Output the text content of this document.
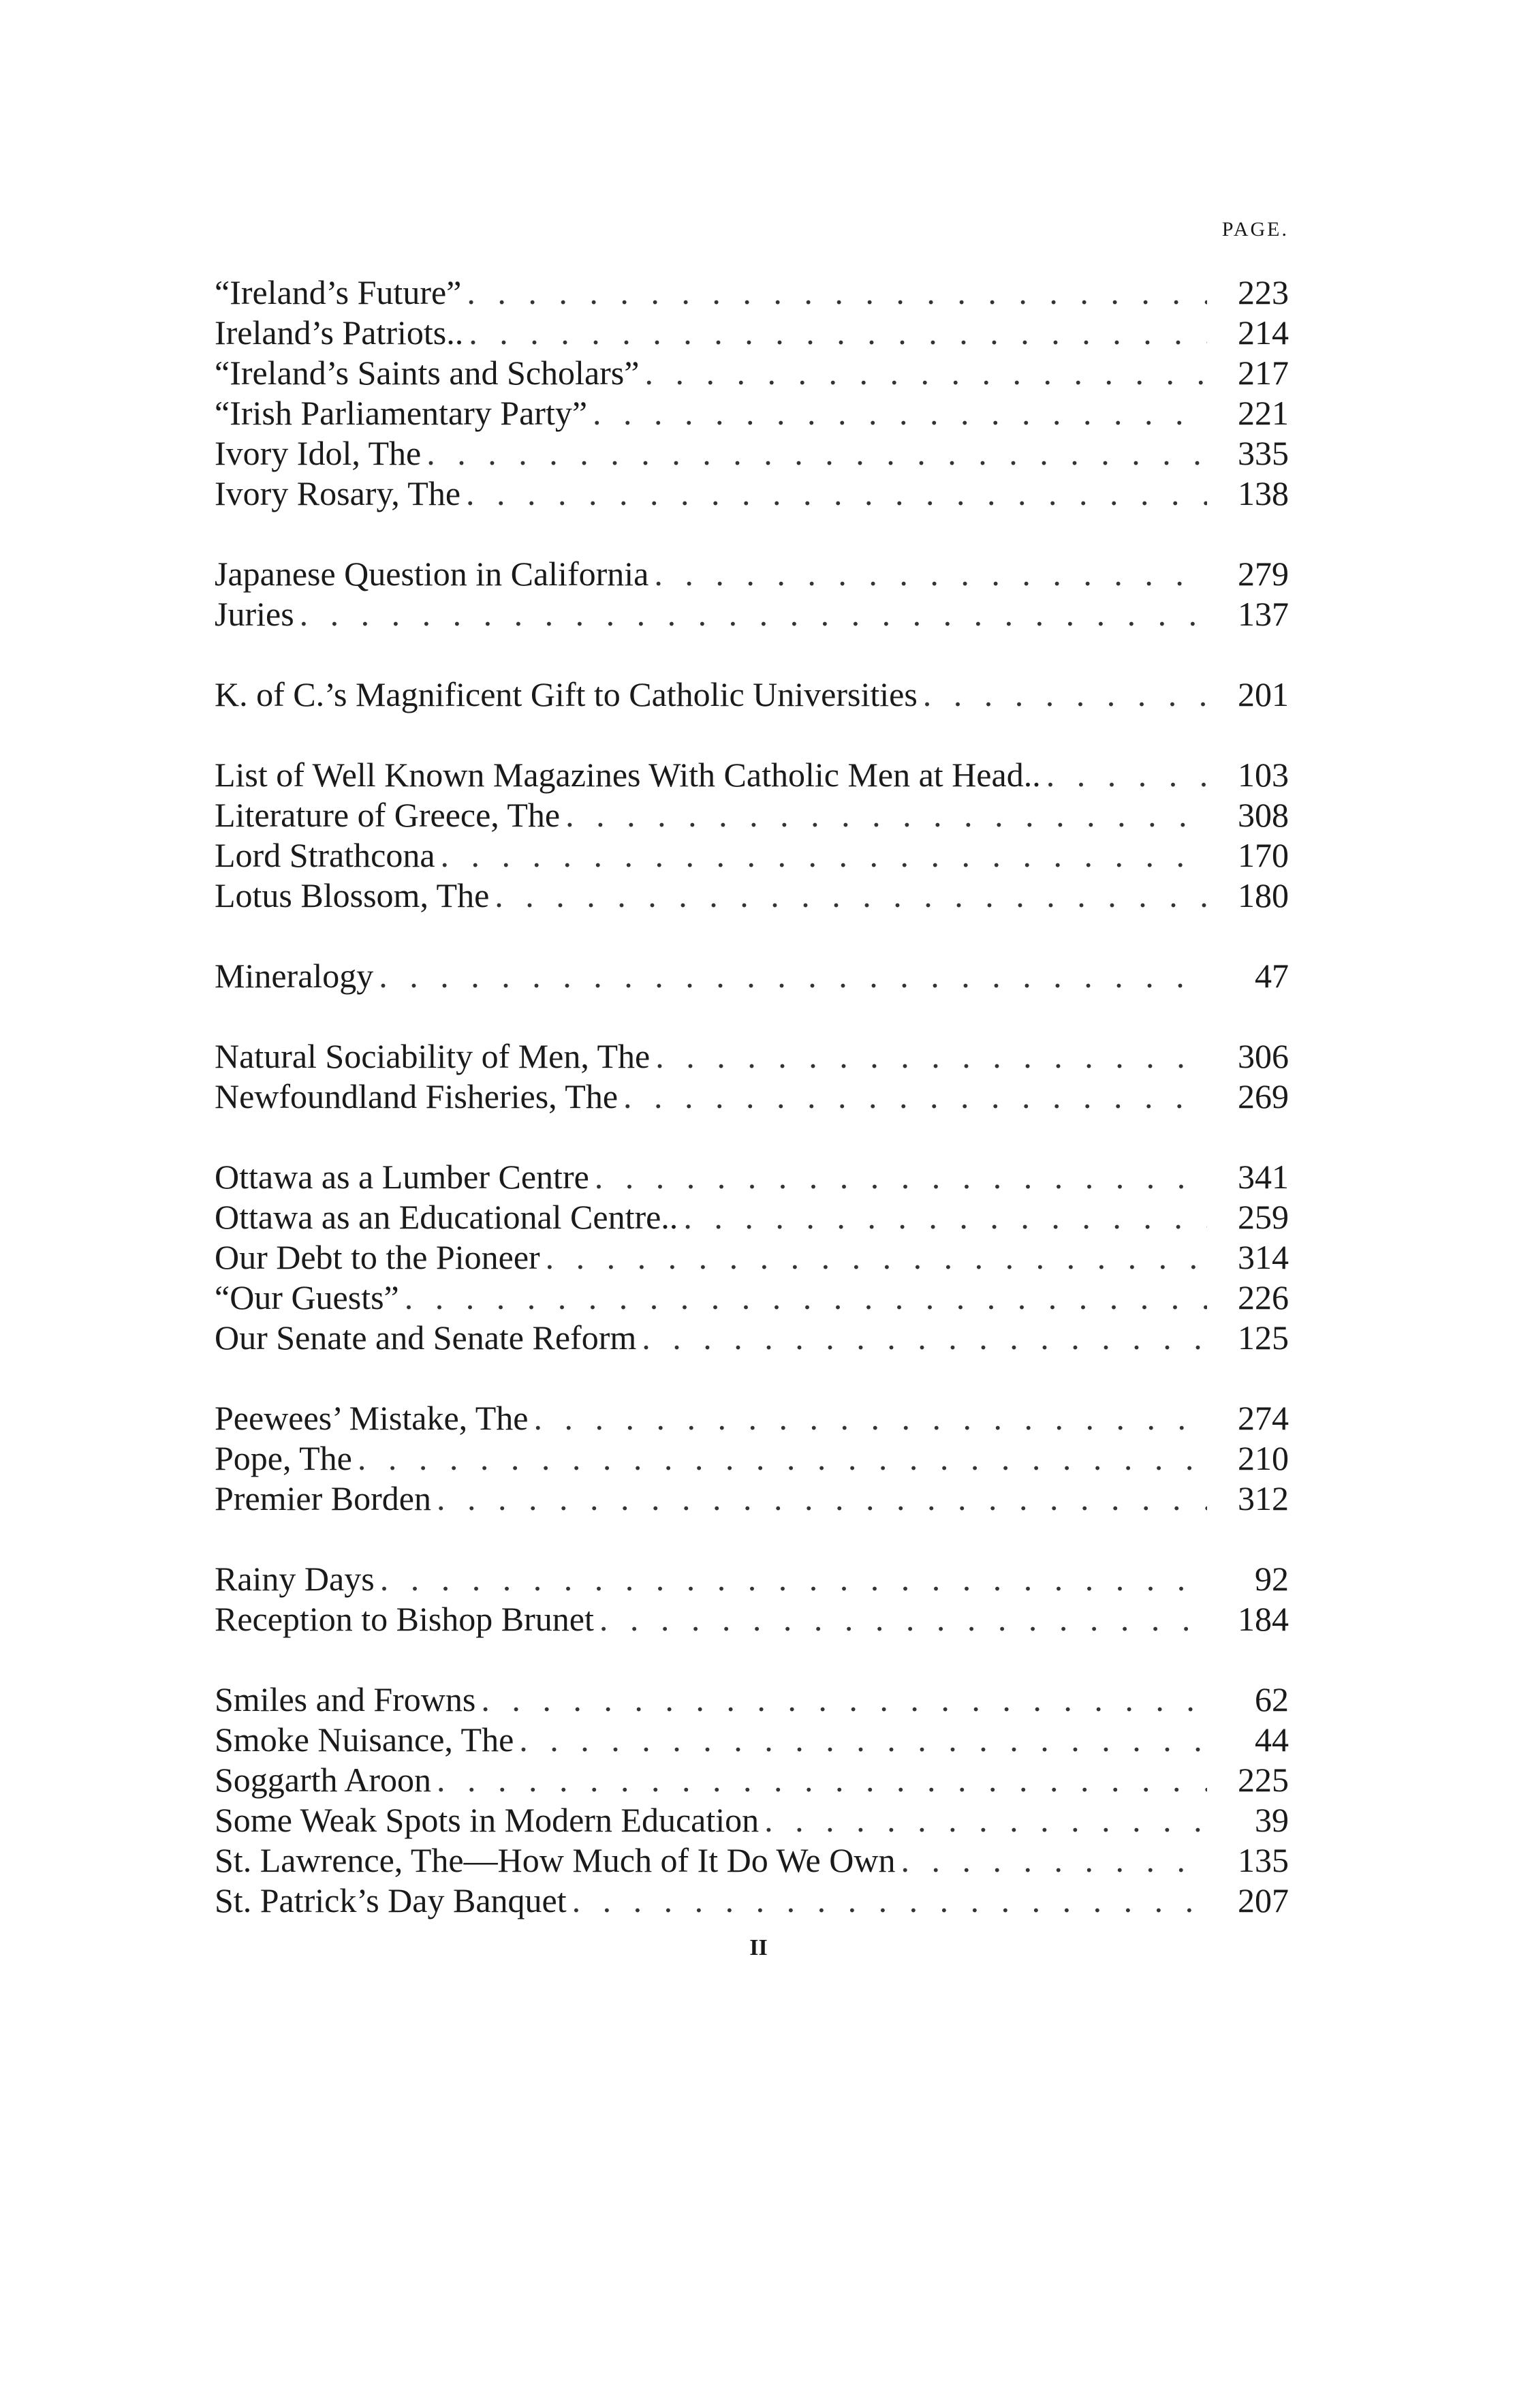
PAGE.
“Ireland’s Future” . . .	223
Ireland’s Patriots.. . . .	214
“Ireland’s Saints and Scholars” . . .	217
“Irish Parliamentary Party” . . .	221
Ivory Idol, The . . .	335
Ivory Rosary, The . . .	138
Japanese Question in California . . .	279
Juries . . .	137
K. of C.’s Magnificent Gift to Catholic Universities . . .	201
List of Well Known Magazines With Catholic Men at Head.. . . .	103
Literature of Greece, The . . .	308
Lord Strathcona . . .	170
Lotus Blossom, The . . .	180
Mineralogy . . .	47
Natural Sociability of Men, The . . .	306
Newfoundland Fisheries, The . . .	269
Ottawa as a Lumber Centre . . .	341
Ottawa as an Educational Centre.. . . .	259
Our Debt to the Pioneer . . .	314
“Our Guests” . . .	226
Our Senate and Senate Reform . . .	125
Peewees’ Mistake, The . . .	274
Pope, The . . .	210
Premier Borden . . .	312
Rainy Days . . .	92
Reception to Bishop Brunet . . .	184
Smiles and Frowns . . .	62
Smoke Nuisance, The . . .	44
Soggarth Aroon . . .	225
Some Weak Spots in Modern Education . . .	39
St. Lawrence, The—How Much of It Do We Own . . .	135
St. Patrick’s Day Banquet . . .	207
II
